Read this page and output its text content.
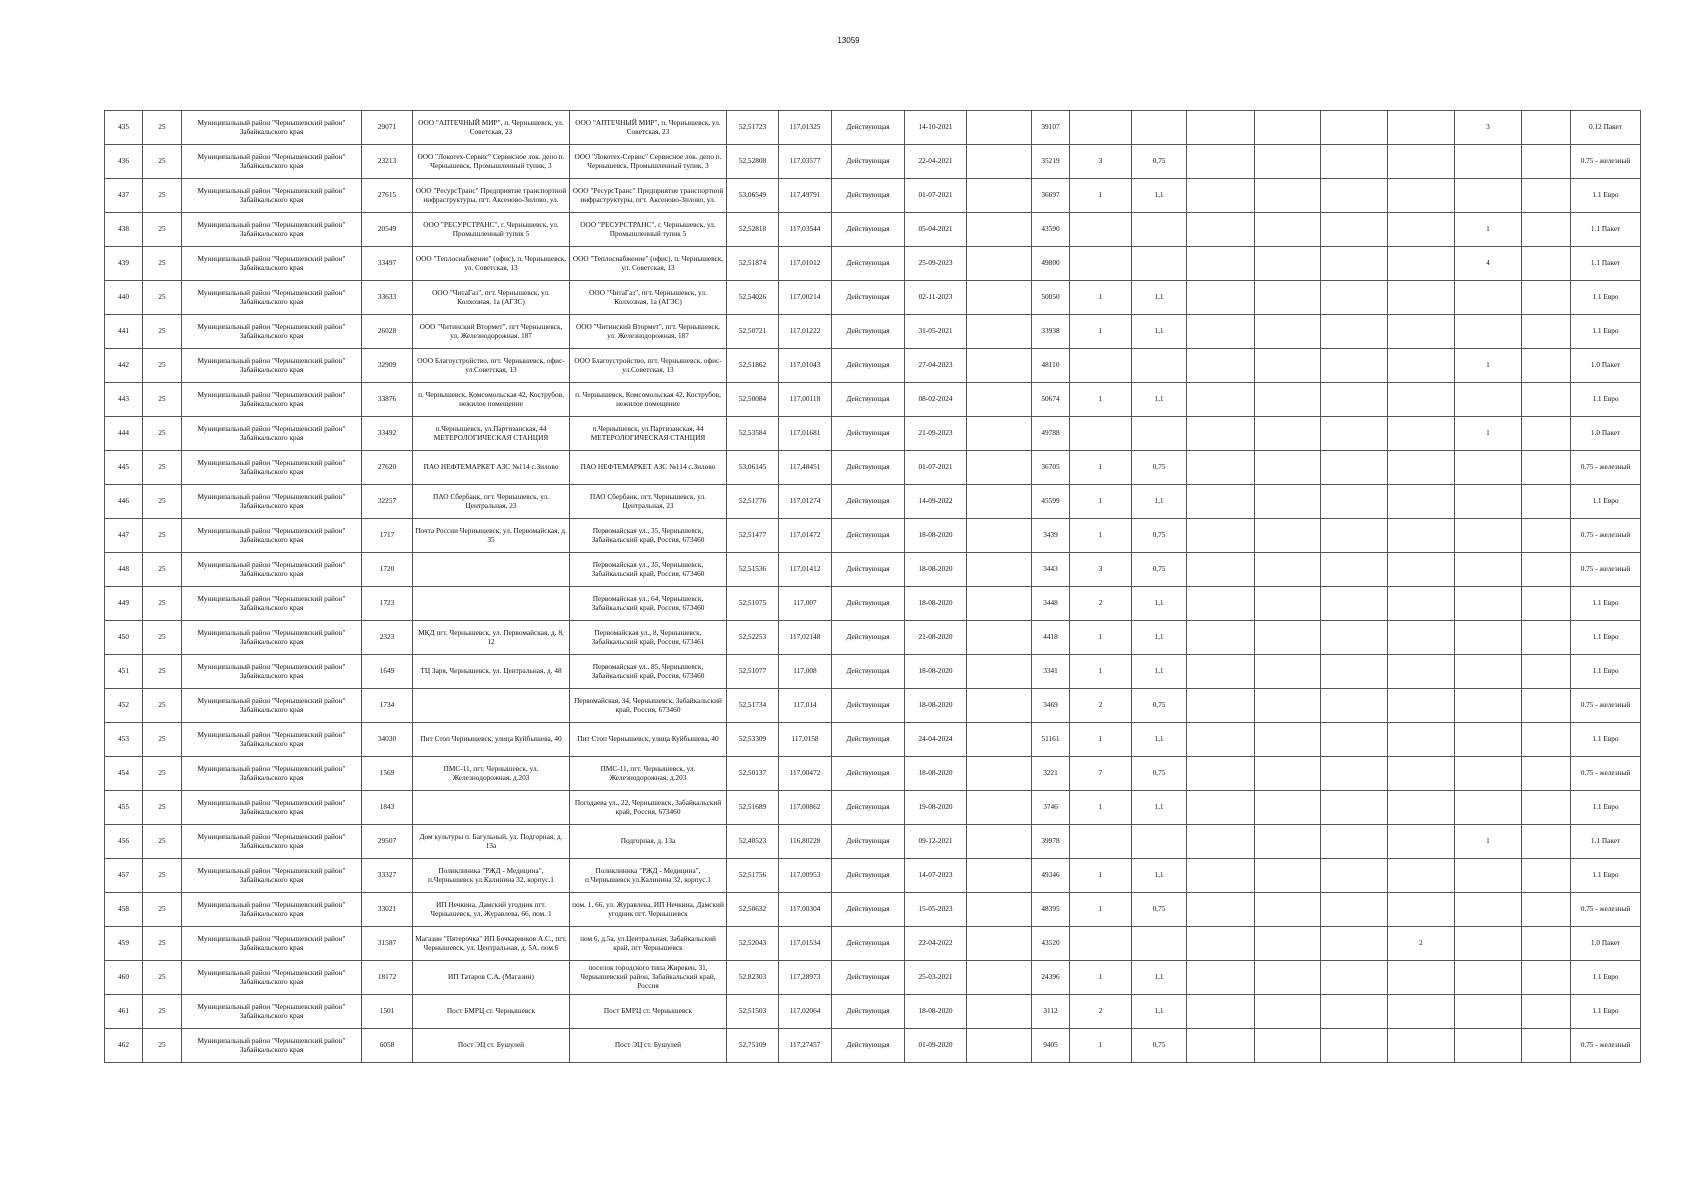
13059
435	25	Муниципальный район "Чернышевский район" Забайкальского края	29071	ООО "АПТЕЧНЫЙ МИР", п. Чернышевск, ул. Советская, 23	ООО "АПТЕЧНЫЙ МИР", п. Чернышевск, ул. Советская, 23	52,51723	117,01325	Действующая	14-10-2021		39107							3		0.12 Пакет
436	25	Муниципальный район "Чернышевский район" Забайкальского края	23213	ООО "Локотех-Сервис" Сервисное лок. депо п. Чернышевск, Промышленный тупик, 3	ООО "Локотех-Сервис" Сервисное лок. депо п. Чернышевск, Промышленный тупик, 3	52,52808	117,03577	Действующая	22-04-2021		35219	3	0,75							0.75 - железный
437	25	Муниципальный район "Чернышевский район" Забайкальского края	27615	ООО "РесурсТранс" Предприятие транспортной инфраструктуры, пгт. Аксеново-Зилово, ул.	ООО "РесурсТранс" Предприятие транспортной инфраструктуры, пгт. Аксеново-Зилово, ул.	53,06549	117,49791	Действующая	01-07-2021		36697	1	1,1							1.1 Евро
438	25	Муниципальный район "Чернышевский район" Забайкальского края	20549	ООО "РЕСУРСТРАНС", г. Чернышевск, ул. Промышленный тупик 5	ООО "РЕСУРСТРАНС", г. Чернышевск, ул. Промышленный тупик 5	52,52818	117,03544	Действующая	05-04-2021		43590							1		1.1 Пакет
439	25	Муниципальный район "Чернышевский район" Забайкальского края	33497	ООО "Теплоснабжение" (офис), п. Чернышевск, ул. Советская, 13	ООО "Теплоснабжение" (офис), п. Чернышевск, ул. Советская, 13	52,51874	117,01012	Действующая	25-09-2023		49800							4		1.1 Пакет
440	25	Муниципальный район "Чернышевский район" Забайкальского края	33633	ООО "ЧитаГаз", пгт. Чернышевск, ул. Колхозная, 1а (АГЗС)	ООО "ЧитаГаз", пгт. Чернышевск, ул. Колхозная, 1а (АГЗС)	52,54026	117,00214	Действующая	02-11-2023		50050	1	1,1							1.1 Евро
441	25	Муниципальный район "Чернышевский район" Забайкальского края	26028	ООО "Читинский Втормет", пгт Чернышевск, ул. Железнодорожная, 187	ООО "Читинский Втормет", пгт. Чернышевск, ул. Железнодорожная, 187	52,50721	117,01222	Действующая	31-05-2021		33938	1	1,1							1.1 Евро
442	25	Муниципальный район "Чернышевский район" Забайкальского края	32909	ООО Благоустройство, пгт. Чернышевск, офис- ул.Советская, 13	ООО Благоустройство, пгт. Чернышевск, офис- ул.Советская, 13	52,51862	117,01043	Действующая	27-04-2023		48110							1		1.0 Пакет
443	25	Муниципальный район "Чернышевский район" Забайкальского края	33876	п. Чернышевск, Комсомольская 42, Кострубов, нежилое помещение	п. Чернышевск, Комсомольская 42, Кострубов, нежилое помещение	52,50084	117,00118	Действующая	08-02-2024		50674	1	1,1							1.1 Евро
444	25	Муниципальный район "Чернышевский район" Забайкальского края	33492	п.Чернышевск, ул.Партизанская, 44 МЕТЕРОЛОГИЧЕСКАЯ СТАНЦИЯ	п.Чернышевск, ул.Партизанская, 44 МЕТЕРОЛОГИЧЕСКАЯ СТАНЦИЯ	52,53584	117,01681	Действующая	21-09-2023		49788							1		1.0 Пакет
445	25	Муниципальный район "Чернышевский район" Забайкальского края	27620	ПАО НЕФТЕМАРКЕТ АЗС №114 с.Зилово	ПАО НЕФТЕМАРКЕТ АЗС №114 с.Зилово	53,06145	117,48451	Действующая	01-07-2021		36705	1	0,75							0.75 - железный
446	25	Муниципальный район "Чернышевский район" Забайкальского края	32257	ПАО Сбербанк, пгт. Чернышевск, ул. Центральная, 23	ПАО Сбербанк, пгт. Чернышевск, ул. Центральная, 23	52,51776	117,01274	Действующая	14-09-2022		45599	1	1,1							1.1 Евро
447	25	Муниципальный район "Чернышевский район" Забайкальского края	1717	Почта России Чернышевск, ул. Первомайская, д. 35	Первомайская ул., 35, Чернышевск, Забайкальский край, Россия, 673460	52,51477	117,01472	Действующая	18-08-2020		3439	1	0,75							0.75 - железный
448	25	Муниципальный район "Чернышевский район" Забайкальского края	1720		Первомайская ул., 35, Чернышевск, Забайкальский край, Россия, 673460	52,51536	117,01412	Действующая	18-08-2020		3443	3	0,75							0.75 - железный
449	25	Муниципальный район "Чернышевский район" Забайкальского края	1723		Первомайская ул., 64, Чернышевск, Забайкальский край, Россия, 673460	52,51075	117,007	Действующая	18-08-2020		3448	2	1,1							1.1 Евро
450	25	Муниципальный район "Чернышевский район" Забайкальского края	2323	МКД пгт. Чернышевск, ул. Первомайская, д. 8, 12	Первомайская ул., 8, Чернышевск, Забайкальский край, Россия, 673461	52,52253	117,02148	Действующая	21-08-2020		4418	1	1,1							1.1 Евро
451	25	Муниципальный район "Чернышевский район" Забайкальского края	1649	ТЦ Заря, Чернышевск, ул. Центральная, д. 48	Первомайская ул., 85, Чернышевск, Забайкальский край, Россия, 673460	52,51077	117,008	Действующая	18-08-2020		3341	1	1,1							1.1 Евро
452	25	Муниципальный район "Чернышевский район" Забайкальского края	1734		Первомайская, 34, Чернышевск, Забайкальский край, Россия, 673460	52,51734	117,014	Действующая	18-08-2020		3469	2	0,75							0.75 - железный
453	25	Муниципальный район "Чернышевский район" Забайкальского края	34030	Пит Стоп Чернышевск, улица Куйбышева, 40	Пит Стоп Чернышевск, улица Куйбышева, 40	52,53309	117,0158	Действующая	24-04-2024		51161	1	1,1							1.1 Евро
454	25	Муниципальный район "Чернышевский район" Забайкальского края	1569	ПМС-11, пгт. Чернышевск, ул. Железнодорожная, д.203	ПМС-11, пгт. Чернышевск, ул. Железнодорожная, д.203	52,50137	117,00472	Действующая	18-08-2020		3221	7	0,75							0.75 - железный
455	25	Муниципальный район "Чернышевский район" Забайкальского края	1843		Погодаева ул., 22, Чернышевск, Забайкальский край, Россия, 673460	52,51689	117,00862	Действующая	19-08-2020		3746	1	1,1							1.1 Евро
456	25	Муниципальный район "Чернышевский район" Забайкальского края	29507	Дом культуры п. Багульный, ул. Подгорная, д. 13а	Подгорная, д. 13а	52,40523	116,80228	Действующая	09-12-2021		39978							1		1.1 Пакет
457	25	Муниципальный район "Чернышевский район" Забайкальского края	33327	Поликлиника "РЖД - Медицина", п.Чернышевск ул.Калинина 32, корпус.1	Поликлиника "РЖД - Медицина", п.Чернышевск ул.Калинина 32, корпус.1	52,51756	117,00953	Действующая	14-07-2023		49346	1	1,1							1.1 Евро
458	25	Муниципальный район "Чернышевский район" Забайкальского края	33021	ИП Нечкина, Дамский угодник пгт. Чернышевск, ул. Журавлева, 66, пом. 1	пом. 1, 66, ул. Журавлева, ИП Нечкина, Дамский угодник пгт. Чернышевск	52,50632	117,00304	Действующая	15-05-2023		48395	1	0,75							0.75 - железный
459	25	Муниципальный район "Чернышевский район" Забайкальского края	31587	Магазин "Пятерочка" ИП Бочкарников А.С., пгт. Чернышевск, ул. Центральная, д. 5А, пом.6	пом 6, д.5а, ул.Центральная, Забайкальский край, пгт Чернышевск	52,52043	117,01534	Действующая	22-04-2022		43520						2			1.0 Пакет
460	25	Муниципальный район "Чернышевский район" Забайкальского края	18172	ИП Татаров С.А. (Магазин)	поселок городского типа Жирекен, 31, Чернышевский район, Забайкальский край, Россия	52,82303	117,28973	Действующая	25-03-2021		24396	1	1,1							1.1 Евро
461	25	Муниципальный район "Чернышевский район" Забайкальского края	1501	Пост БМРЦ ст. Чернышевск	Пост БМРЦ ст. Чернышевск	52,51503	117,02064	Действующая	18-08-2020		3112	2	1,1							1.1 Евро
462	25	Муниципальный район "Чернышевский район" Забайкальского края	6058	Пост ЭЦ ст. Бушулей	Пост ЭЦ ст. Бушулей	52,75109	117,27457	Действующая	01-09-2020		9405	1	0,75							0.75 - железный
